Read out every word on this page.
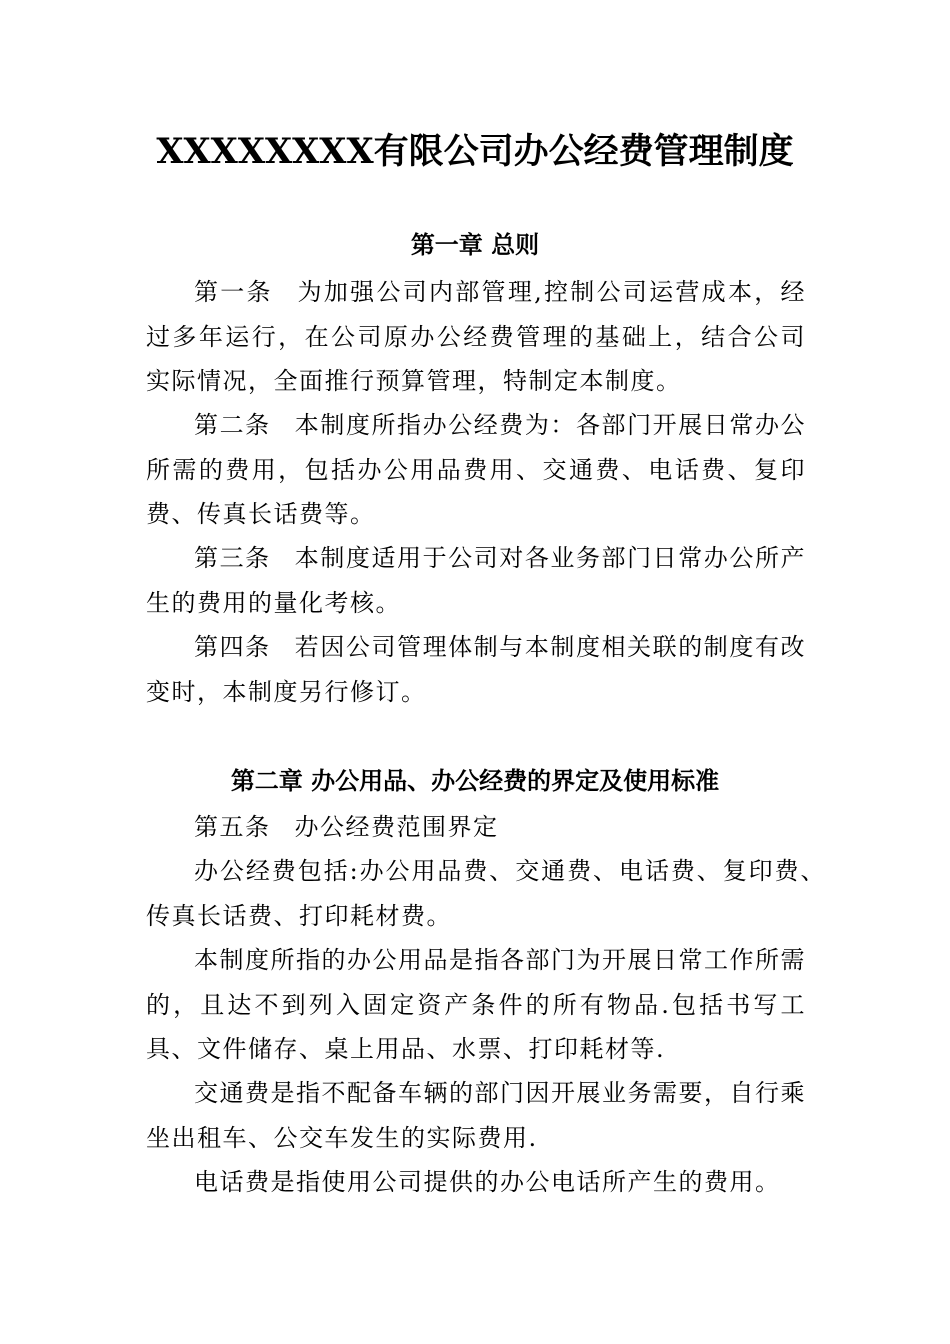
XXXXXXXX有限公司办公经费管理制度
第一章 总则

第一条 为加强公司内部管理,控制公司运营成本，经过多年运行，在公司原办公经费管理的基础上，结合公司实际情况，全面推行预算管理，特制定本制度。

第二条 本制度所指办公经费为：各部门开展日常办公所需的费用，包括办公用品费用、交通费、电话费、复印费、传真长话费等。

第三条 本制度适用于公司对各业务部门日常办公所产生的费用的量化考核。

第四条 若因公司管理体制与本制度相关联的制度有改变时，本制度另行修订。

第二章 办公用品、办公经费的界定及使用标准

第五条 办公经费范围界定

办公经费包括:办公用品费、交通费、电话费、复印费、传真长话费、打印耗材费。

本制度所指的办公用品是指各部门为开展日常工作所需的，且达不到列入固定资产条件的所有物品.包括书写工具、文件储存、桌上用品、水票、打印耗材等.

交通费是指不配备车辆的部门因开展业务需要，自行乘坐出租车、公交车发生的实际费用.

电话费是指使用公司提供的办公电话所产生的费用。
